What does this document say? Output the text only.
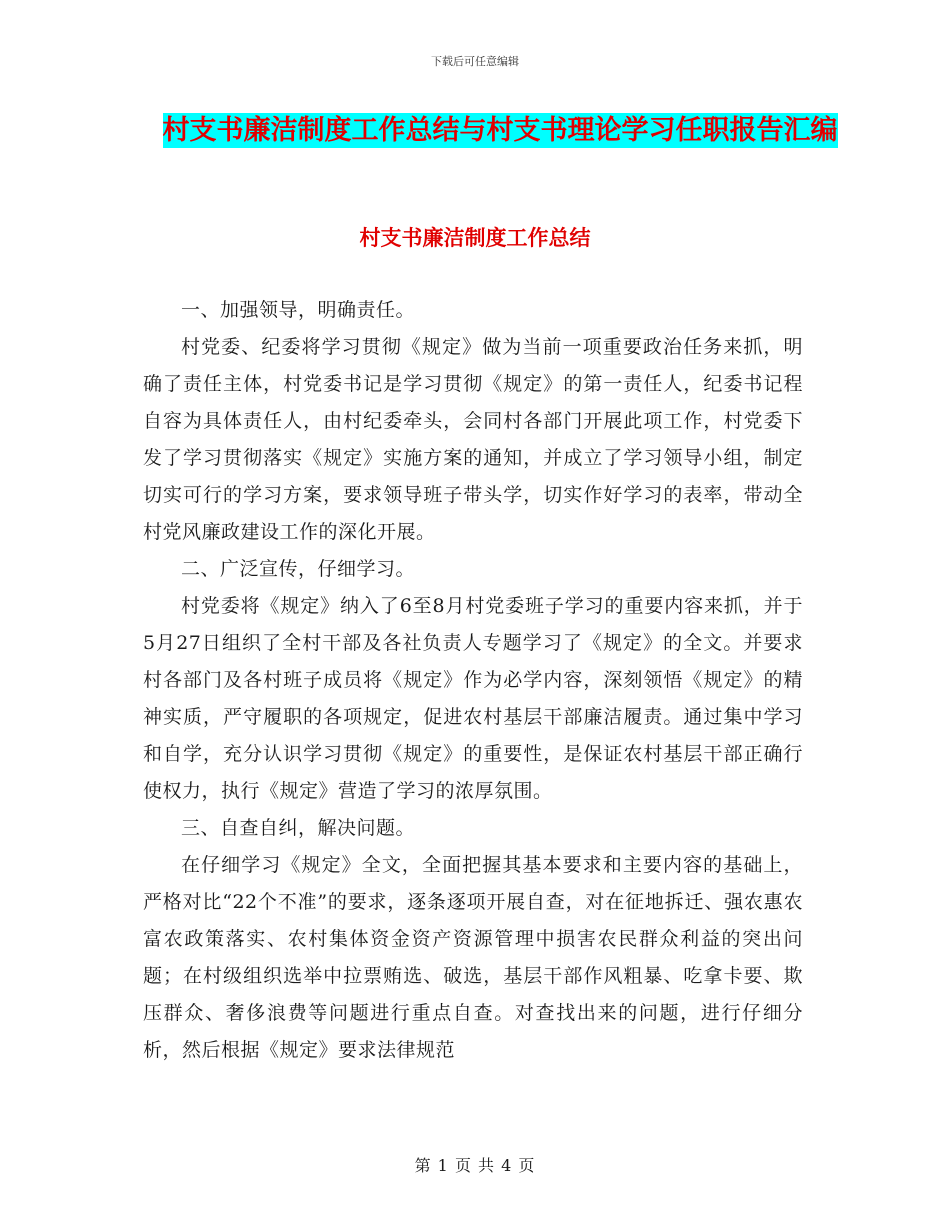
下载后可任意编辑
村支书廉洁制度工作总结与村支书理论学习任职报告汇编
村支书廉洁制度工作总结

一、加强领导，明确责任。

村党委、纪委将学习贯彻《规定》做为当前一项重要政治任务来抓，明确了责任主体，村党委书记是学习贯彻《规定》的第一责任人，纪委书记程自容为具体责任人，由村纪委牵头，会同村各部门开展此项工作，村党委下发了学习贯彻落实《规定》实施方案的通知，并成立了学习领导小组，制定切实可行的学习方案，要求领导班子带头学，切实作好学习的表率，带动全村党风廉政建设工作的深化开展。

二、广泛宣传，仔细学习。

村党委将《规定》纳入了6至8月村党委班子学习的重要内容来抓，并于5月27日组织了全村干部及各社负责人专题学习了《规定》的全文。并要求村各部门及各村班子成员将《规定》作为必学内容，深刻领悟《规定》的精神实质，严守履职的各项规定，促进农村基层干部廉洁履责。通过集中学习和自学，充分认识学习贯彻《规定》的重要性，是保证农村基层干部正确行使权力，执行《规定》营造了学习的浓厚氛围。

三、自查自纠，解决问题。

在仔细学习《规定》全文，全面把握其基本要求和主要内容的基础上，严格对比“22个不准”的要求，逐条逐项开展自查，对在征地拆迁、强农惠农富农政策落实、农村集体资金资产资源管理中损害农民群众利益的突出问题；在村级组织选举中拉票贿选、破选，基层干部作风粗暴、吃拿卡要、欺压群众、奢侈浪费等问题进行重点自查。对查找出来的问题，进行仔细分析，然后根据《规定》要求法律规范

第 1 页 共 4 页
